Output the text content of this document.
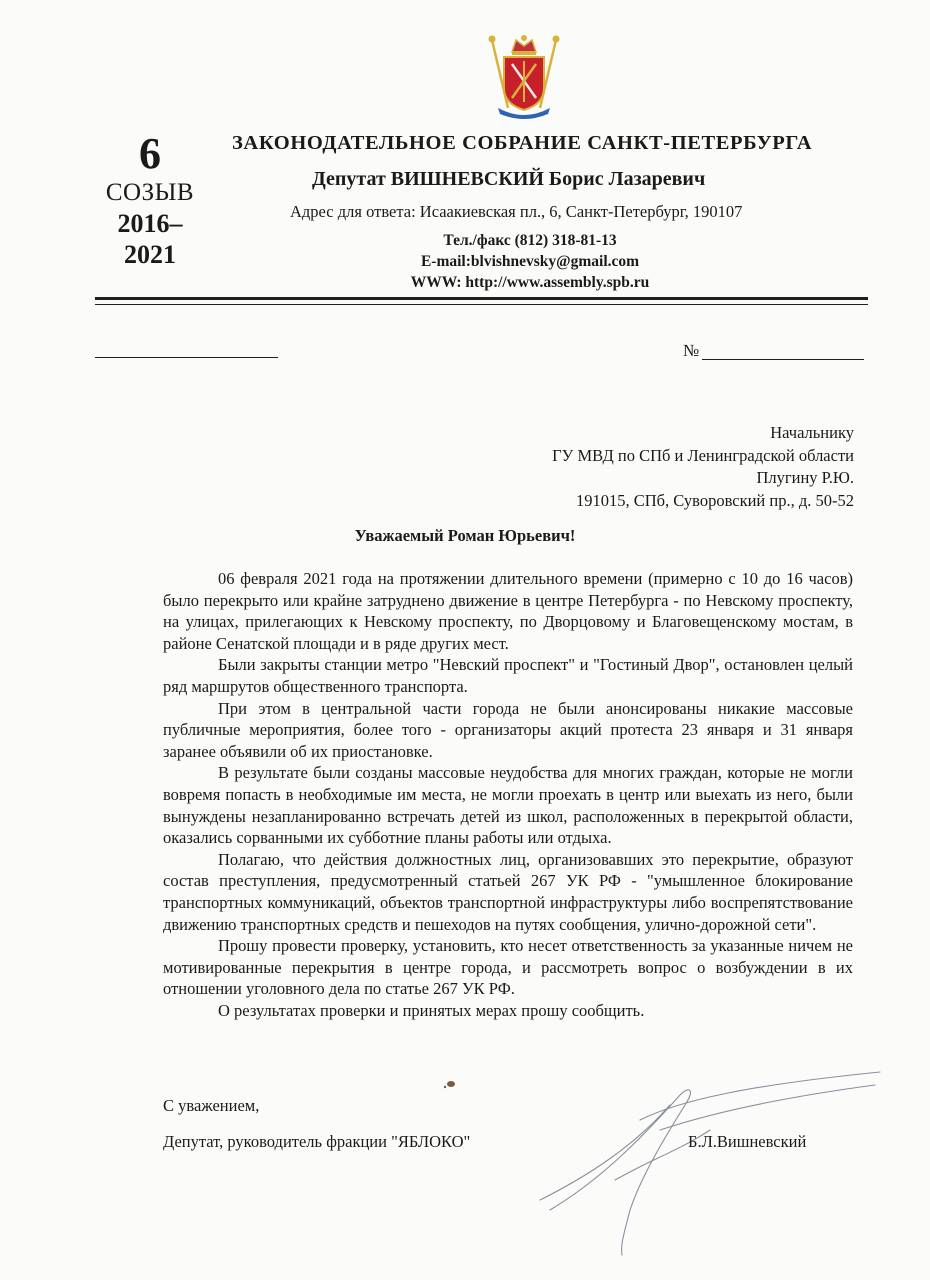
6
СОЗЫВ
2016–
2021
ЗАКОНОДАТЕЛЬНОЕ СОБРАНИЕ САНКТ-ПЕТЕРБУРГА
Депутат ВИШНЕВСКИЙ Борис Лазаревич
Адрес для ответа: Исаакиевская пл., 6, Санкт-Петербург, 190107
Тел./факс (812) 318-81-13
E-mail:blvishnevsky@gmail.com
WWW: http://www.assembly.spb.ru
№
Начальнику
ГУ МВД по СПб и Ленинградской области
Плугину Р.Ю.
191015, СПб, Суворовский пр., д. 50-52
Уважаемый Роман Юрьевич!

06 февраля 2021 года на протяжении длительного времени (примерно с 10 до 16 часов) было перекрыто или крайне затруднено движение в центре Петербурга - по Невскому проспекту, на улицах, прилегающих к Невскому проспекту, по Дворцовому и Благовещенскому мостам, в районе Сенатской площади и в ряде других мест.

Были закрыты станции метро "Невский проспект" и "Гостиный Двор", остановлен целый ряд маршрутов общественного транспорта.

При этом в центральной части города не были анонсированы никакие массовые публичные мероприятия, более того - организаторы акций протеста 23 января и 31 января заранее объявили об их приостановке.

В результате были созданы массовые неудобства для многих граждан, которые не могли вовремя попасть в необходимые им места, не могли проехать в центр или выехать из него, были вынуждены незапланированно встречать детей из школ, расположенных в перекрытой области, оказались сорванными их субботние планы работы или отдыха.

Полагаю, что действия должностных лиц, организовавших это перекрытие, образуют состав преступления, предусмотренный статьей 267 УК РФ - "умышленное блокирование транспортных коммуникаций, объектов транспортной инфраструктуры либо воспрепятствование движению транспортных средств и пешеходов на путях сообщения, улично-дорожной сети".

Прошу провести проверку, установить, кто несет ответственность за указанные ничем не мотивированные перекрытия в центре города, и рассмотреть вопрос о возбуждении в их отношении уголовного дела по статье 267 УК РФ.

О результатах проверки и принятых мерах прошу сообщить.

С уважением,
Депутат, руководитель фракции "ЯБЛОКО"	Б.Л.Вишневский
